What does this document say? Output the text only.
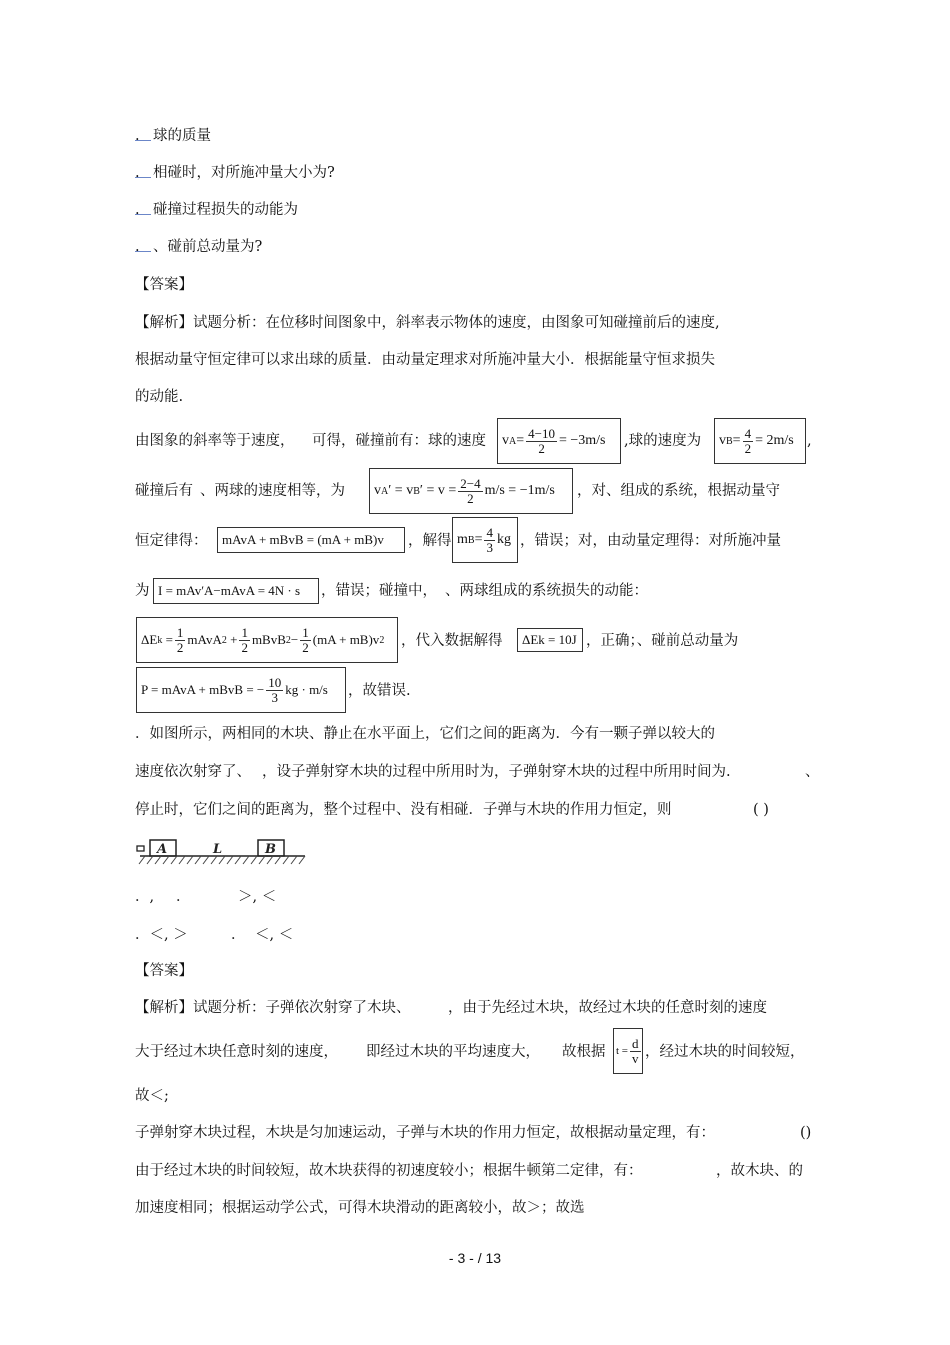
. 球的质量
. 相碰时，对所施冲量大小为?
. 碰撞过程损失的动能为
. 、碰前总动量为?
【答案】
【解析】试题分析：在位移时间图象中，斜率表示物体的速度，由图象可知碰撞前后的速度,
根据动量守恒定律可以求出球的质量．由动量定理求对所施冲量大小．根据能量守恒求损失
的动能.
由图象的斜率等于速度， 可得，碰撞前有：球的速度 v $A = \frac{4-10}{2} = -3m/s$ ,球的速度为 v $B = \frac{4}{2} = 2m/s$ ,
碰撞后有 、两球的速度相等，为 v A ′ = v B ′ = $v = \frac{2-4}{2} m/s = -1m/s$ ，对、组成的系统，根据动量守
恒定律得：	mAvA + mBvB = (mA + mB)v	，解得 m $B = \frac{4}{3}$ kg ，错误；对，由动量定理得：对所施冲量
为 I = mAv′A−mAvA = 4N · s	，错误；碰撞中， 、两球组成的系统损失的动能：
ΔE $k = \frac{1}{2}$ mAvA $2 + \frac{1}{2}$ mBvB $2 - \frac{1}{2} (mA + mB)v$ 2 ，代入数据解得	ΔEk = 10J ，正确；、碰前总动量为
P = mAvA + mBvB = − $\frac{10}{3}$ kg · m/s ，故错误.
．如图所示，两相同的木块、静止在水平面上，它们之间的距离为．今有一颗子弹以较大的
速度依次射穿了、 ，设子弹射穿木块的过程中所用时为，子弹射穿木块的过程中所用时间为.	、
停止时，它们之间的距离为，整个过程中、没有相碰．子弹与木块的作用力恒定，则	( )
A	L	B
．, ．	＞, ＜
．＜, ＞	． ＜, ＜
【答案】
【解析】试题分析：子弹依次射穿了木块、	，由于先经过木块，故经过木块的任意时刻的速度
大于经过木块任意时刻的速度， 即经过木块的平均速度大， 故根据 $t = \frac{d}{v}$ ，经过木块的时间较短，
故＜;
子弹射穿木块过程，木块是匀加速运动，子弹与木块的作用力恒定，故根据动量定理，有：	()
由于经过木块的时间较短，故木块获得的初速度较小；根据牛顿第二定律，有：	，故木块、的
加速度相同；根据运动学公式，可得木块滑动的距离较小，故＞；故选
- 3 - / 13
